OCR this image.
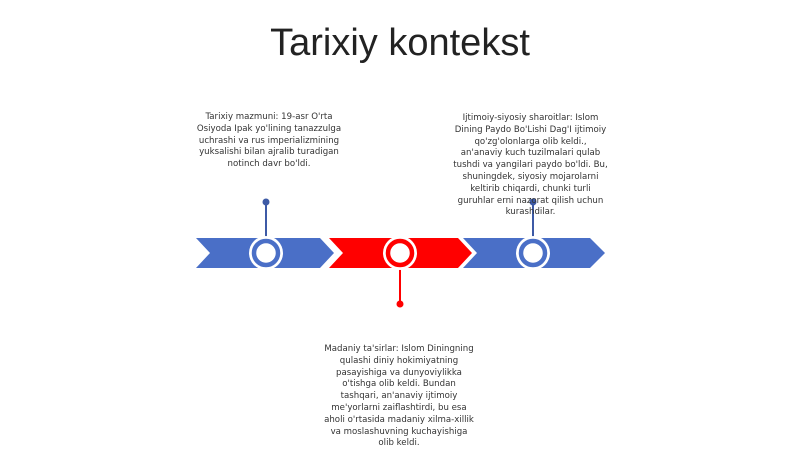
Tarixiy kontekst
Tarixiy mazmuni: 19-asr O'rta Osiyoda Ipak yo'lining tanazzulga uchrashi va rus imperializmining yuksalishi bilan ajralib turadigan notinch davr bo'ldi.
Ijtimoiy-siyosiy sharoitlar: Islom Dining Paydo Bo'Lishi Dag'I ijtimoiy qo'zg'olonlarga olib keldi., an'anaviy kuch tuzilmalari qulab tushdi va yangilari paydo bo'ldi. Bu, shuningdek, siyosiy mojarolarni keltirib chiqardi, chunki turli guruhlar erni nazorat qilish uchun kurashdilar.
Madaniy ta'sirlar: Islom Diningning qulashi diniy hokimiyatning pasayishiga va dunyoviylikka o'tishga olib keldi. Bundan tashqari, an'anaviy ijtimoiy me'yorlarni zaiflashtirdi, bu esa aholi o'rtasida madaniy xilma-xillik va moslashuvning kuchayishiga olib keldi.
